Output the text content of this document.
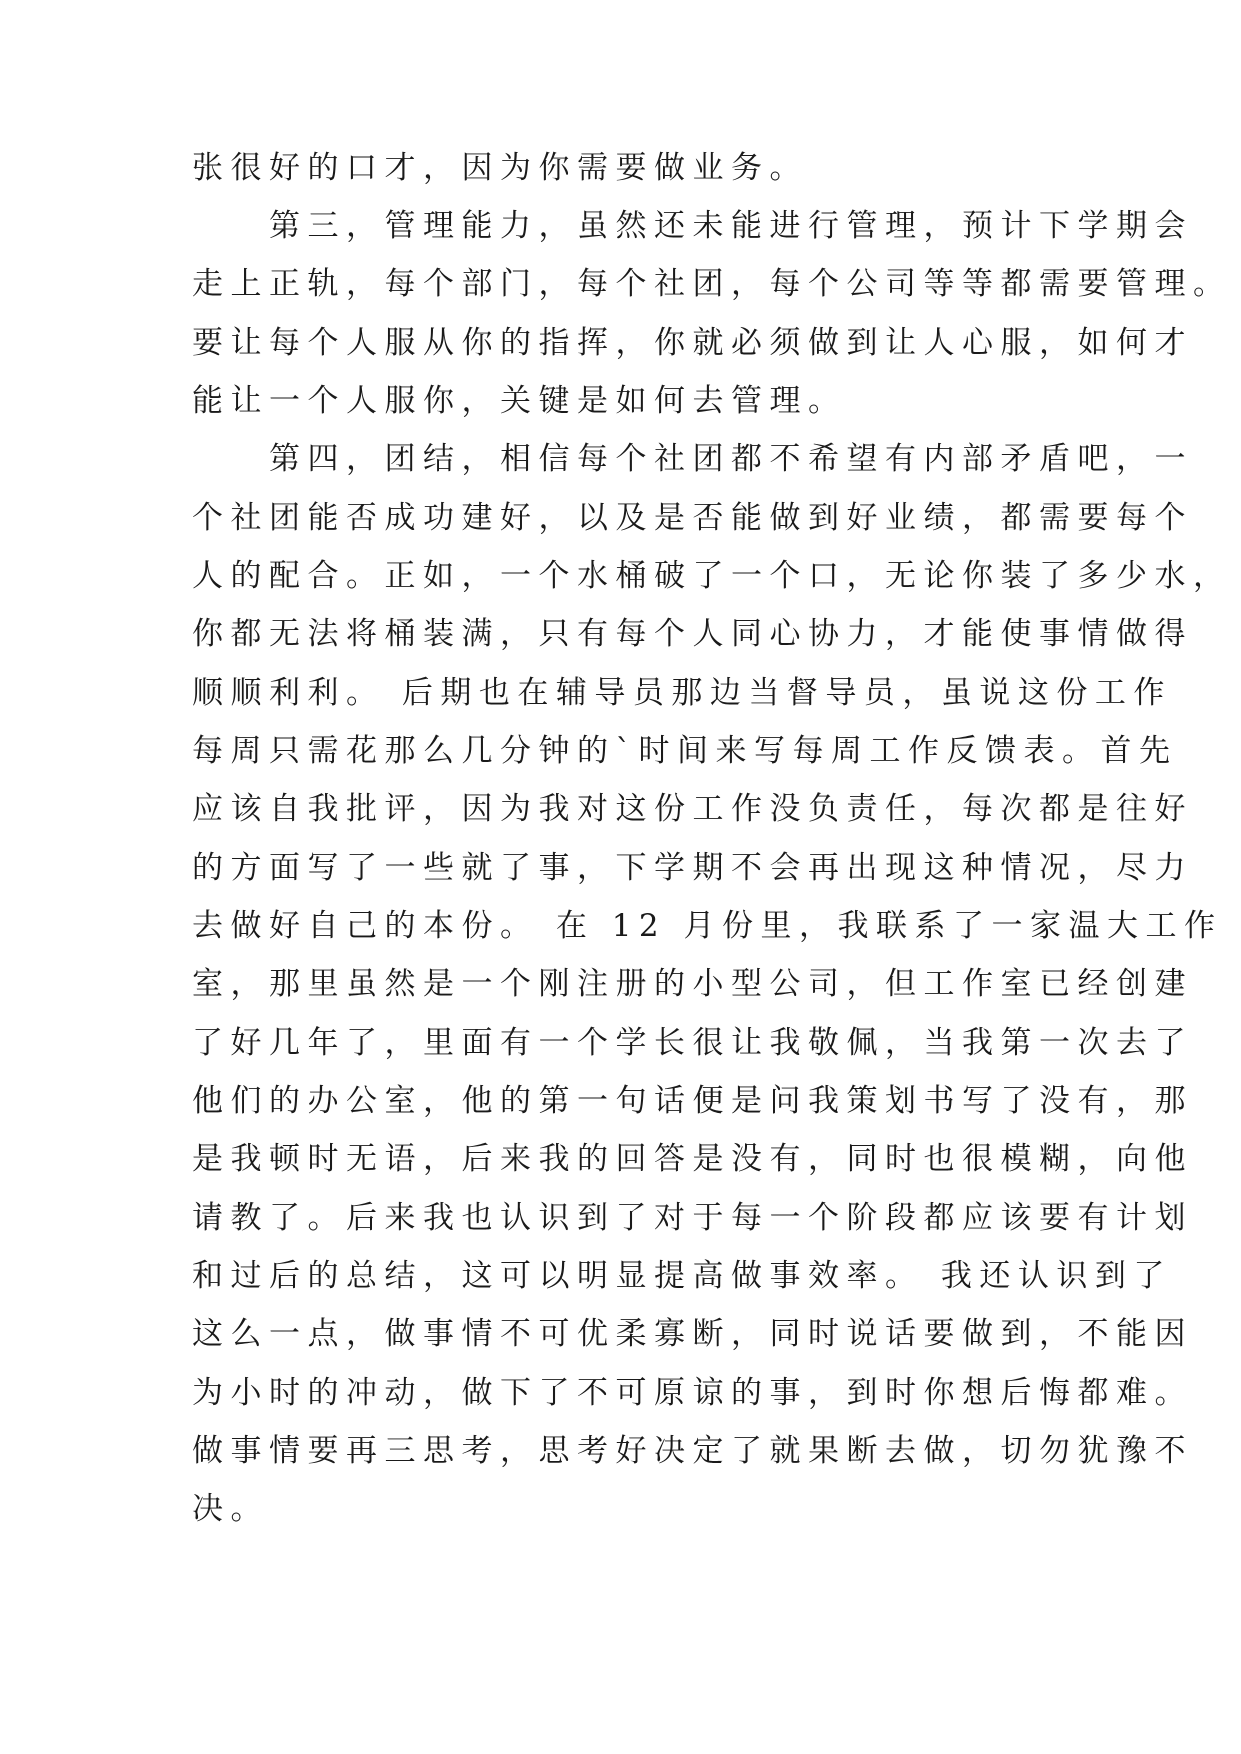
张很好的口才，因为你需要做业务。
　　第三，管理能力，虽然还未能进行管理，预计下学期会
走上正轨，每个部门，每个社团，每个公司等等都需要管理。
要让每个人服从你的指挥，你就必须做到让人心服，如何才
能让一个人服你，关键是如何去管理。
　　第四，团结，相信每个社团都不希望有内部矛盾吧，一
个社团能否成功建好，以及是否能做到好业绩，都需要每个
人的配合。正如，一个水桶破了一个口，无论你装了多少水，
你都无法将桶装满，只有每个人同心协力，才能使事情做得
顺顺利利。 后期也在辅导员那边当督导员，虽说这份工作
每周只需花那么几分钟的`时间来写每周工作反馈表。首先
应该自我批评，因为我对这份工作没负责任，每次都是往好
的方面写了一些就了事，下学期不会再出现这种情况，尽力
去做好自己的本份。 在 12 月份里，我联系了一家温大工作
室，那里虽然是一个刚注册的小型公司，但工作室已经创建
了好几年了，里面有一个学长很让我敬佩，当我第一次去了
他们的办公室，他的第一句话便是问我策划书写了没有，那
是我顿时无语，后来我的回答是没有，同时也很模糊，向他
请教了。后来我也认识到了对于每一个阶段都应该要有计划
和过后的总结，这可以明显提高做事效率。 我还认识到了
这么一点，做事情不可优柔寡断，同时说话要做到，不能因
为小时的冲动，做下了不可原谅的事，到时你想后悔都难。
做事情要再三思考，思考好决定了就果断去做，切勿犹豫不
决。
